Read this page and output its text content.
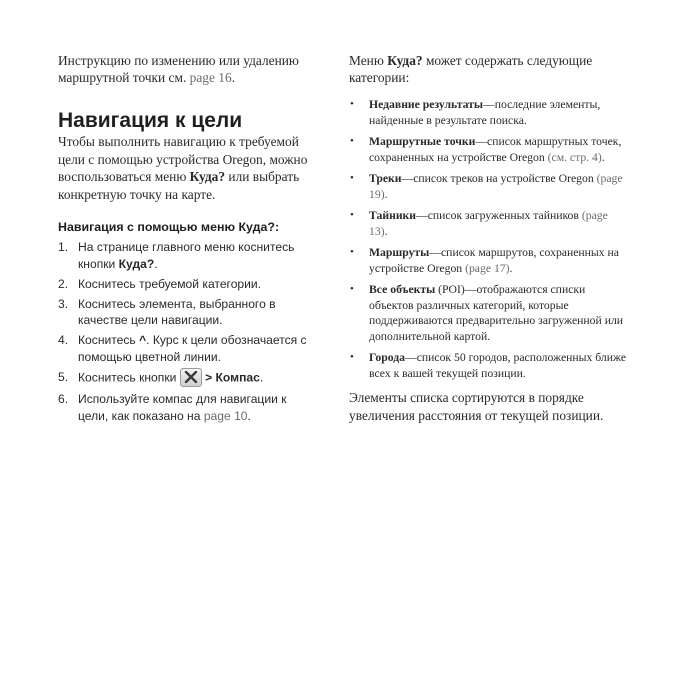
Инструкцию по изменению или удалению маршрутной точки см. page 16.

Навигация к цели

Чтобы выполнить навигацию к требуемой цели с помощью устройства Oregon, можно воспользоваться меню Куда? или выбрать конкретную точку на карте.

Навигация с помощью меню Куда?:
1. На странице главного меню коснитесь кнопки Куда?.
2. Коснитесь требуемой категории.
3. Коснитесь элемента, выбранного в качестве цели навигации.
4. Коснитесь ^. Курс к цели обозначается с помощью цветной линии.
5. Коснитесь кнопки
> Компас.
6. Используйте компас для навигации к цели, как показано на page 10.

Меню Куда? может содержать следующие категории:

• Недавние результаты—последние элементы, найденные в результате поиска.
• Маршрутные точки—список маршрутных точек, сохраненных на устройстве Oregon (см. стр. 4).
• Треки—список треков на устройстве Oregon (page 19).
• Тайники—список загруженных тайников (page 13).
• Маршруты—список маршрутов, сохраненных на устройстве Oregon (page 17).
• Все объекты (POI)—отображаются списки объектов различных категорий, которые поддерживаются предварительно загруженной или дополнительной картой.
• Города—список 50 городов, расположенных ближе всех к вашей текущей позиции.

Элементы списка сортируются в порядке увеличения расстояния от текущей позиции.
